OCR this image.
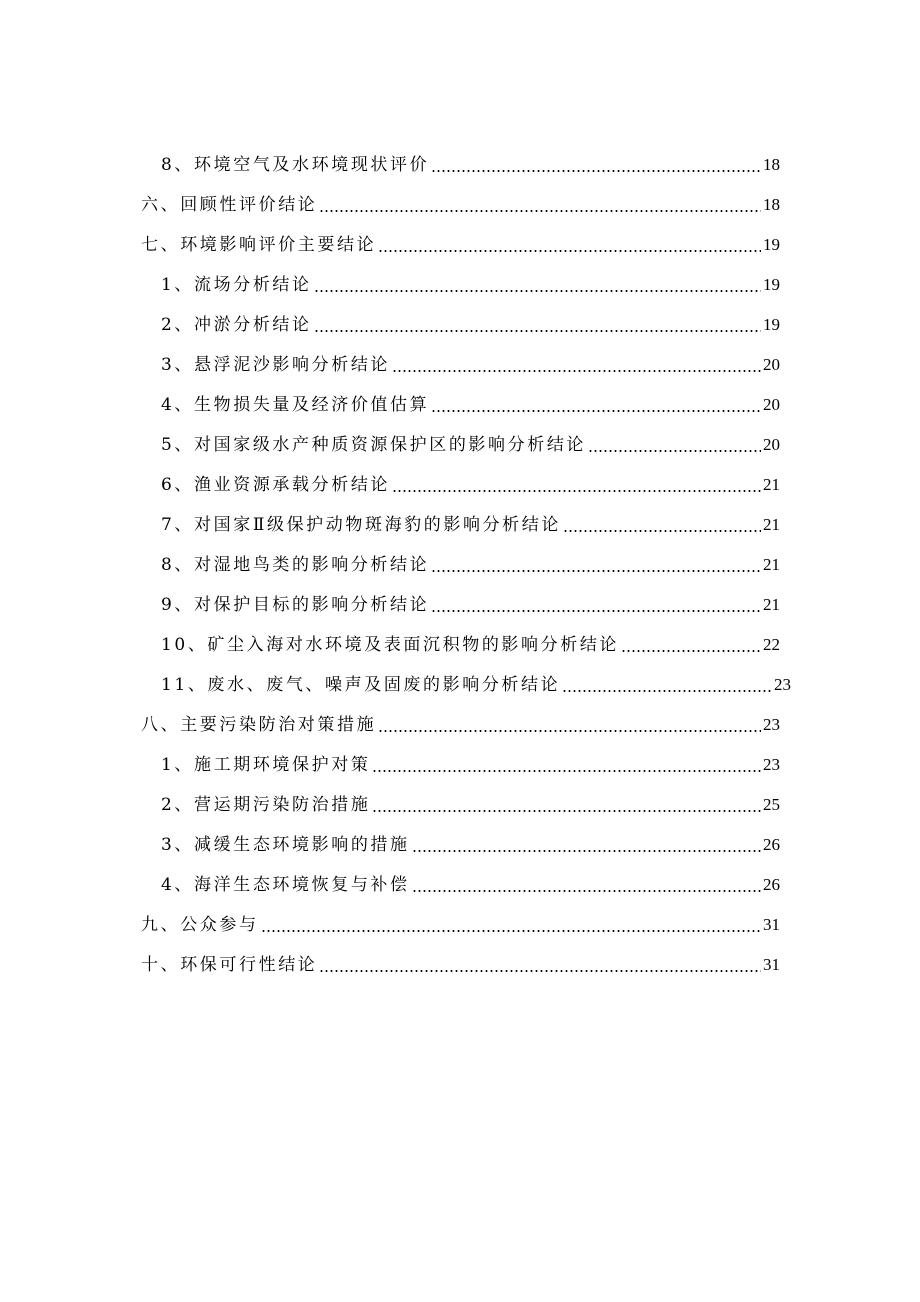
8、环境空气及水环境现状评价	18
六、回顾性评价结论	18
七、环境影响评价主要结论	19
1、流场分析结论	19
2、冲淤分析结论	19
3、悬浮泥沙影响分析结论	20
4、生物损失量及经济价值估算	20
5、对国家级水产种质资源保护区的影响分析结论	20
6、渔业资源承载分析结论	21
7、对国家Ⅱ级保护动物斑海豹的影响分析结论	21
8、对湿地鸟类的影响分析结论	21
9、对保护目标的影响分析结论	21
10、矿尘入海对水环境及表面沉积物的影响分析结论	22
11、废水、废气、噪声及固废的影响分析结论	23
八、主要污染防治对策措施	23
1、施工期环境保护对策	23
2、营运期污染防治措施	25
3、减缓生态环境影响的措施	26
4、海洋生态环境恢复与补偿	26
九、公众参与	31
十、环保可行性结论	31
